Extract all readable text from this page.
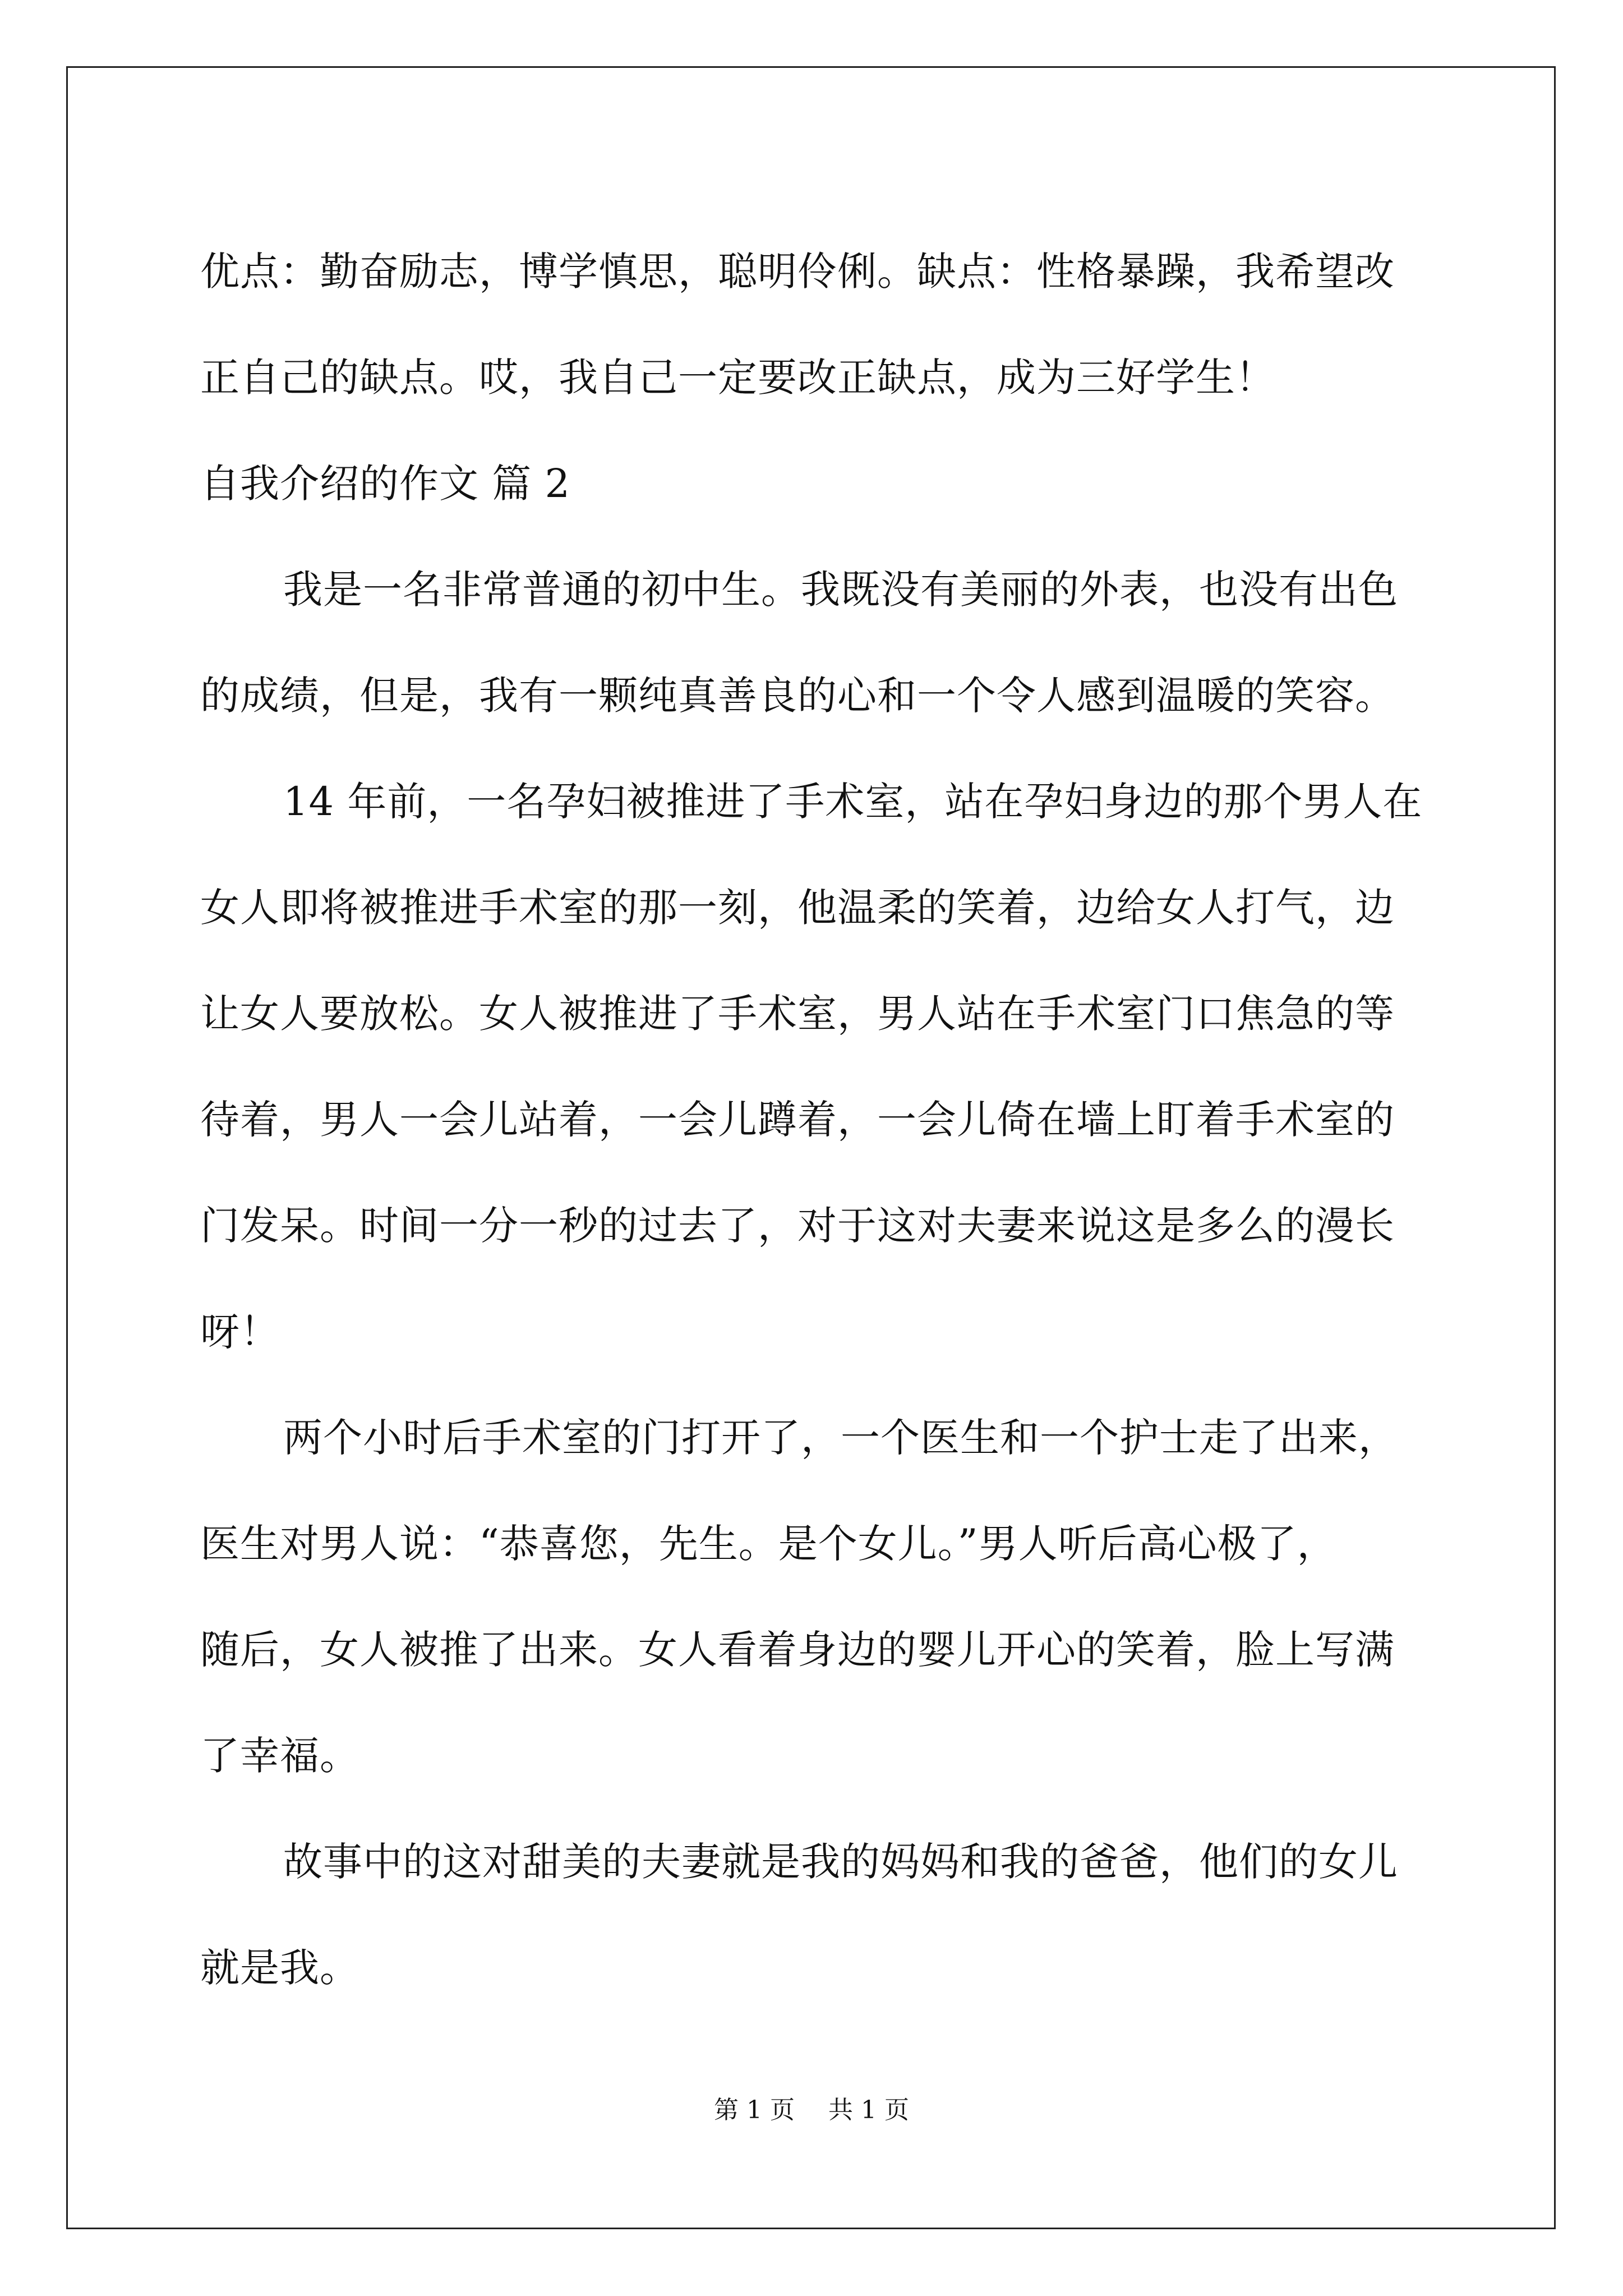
优点：勤奋励志，博学慎思，聪明伶俐。缺点：性格暴躁，我希望改
正自己的缺点。哎，我自己一定要改正缺点，成为三好学生！
自我介绍的作文 篇 2
我是一名非常普通的初中生。我既没有美丽的外表，也没有出色
的成绩，但是，我有一颗纯真善良的心和一个令人感到温暖的笑容。
14 年前，一名孕妇被推进了手术室，站在孕妇身边的那个男人在
女人即将被推进手术室的那一刻，他温柔的笑着，边给女人打气，边
让女人要放松。女人被推进了手术室，男人站在手术室门口焦急的等
待着，男人一会儿站着，一会儿蹲着，一会儿倚在墙上盯着手术室的
门发呆。时间一分一秒的过去了，对于这对夫妻来说这是多么的漫长
呀！
两个小时后手术室的门打开了，一个医生和一个护士走了出来，
医生对男人说：“恭喜您，先生。是个女儿。”男人听后高心极了，
随后，女人被推了出来。女人看着身边的婴儿开心的笑着，脸上写满
了幸福。
故事中的这对甜美的夫妻就是我的妈妈和我的爸爸，他们的女儿
就是我。
第 1 页 共 1 页
